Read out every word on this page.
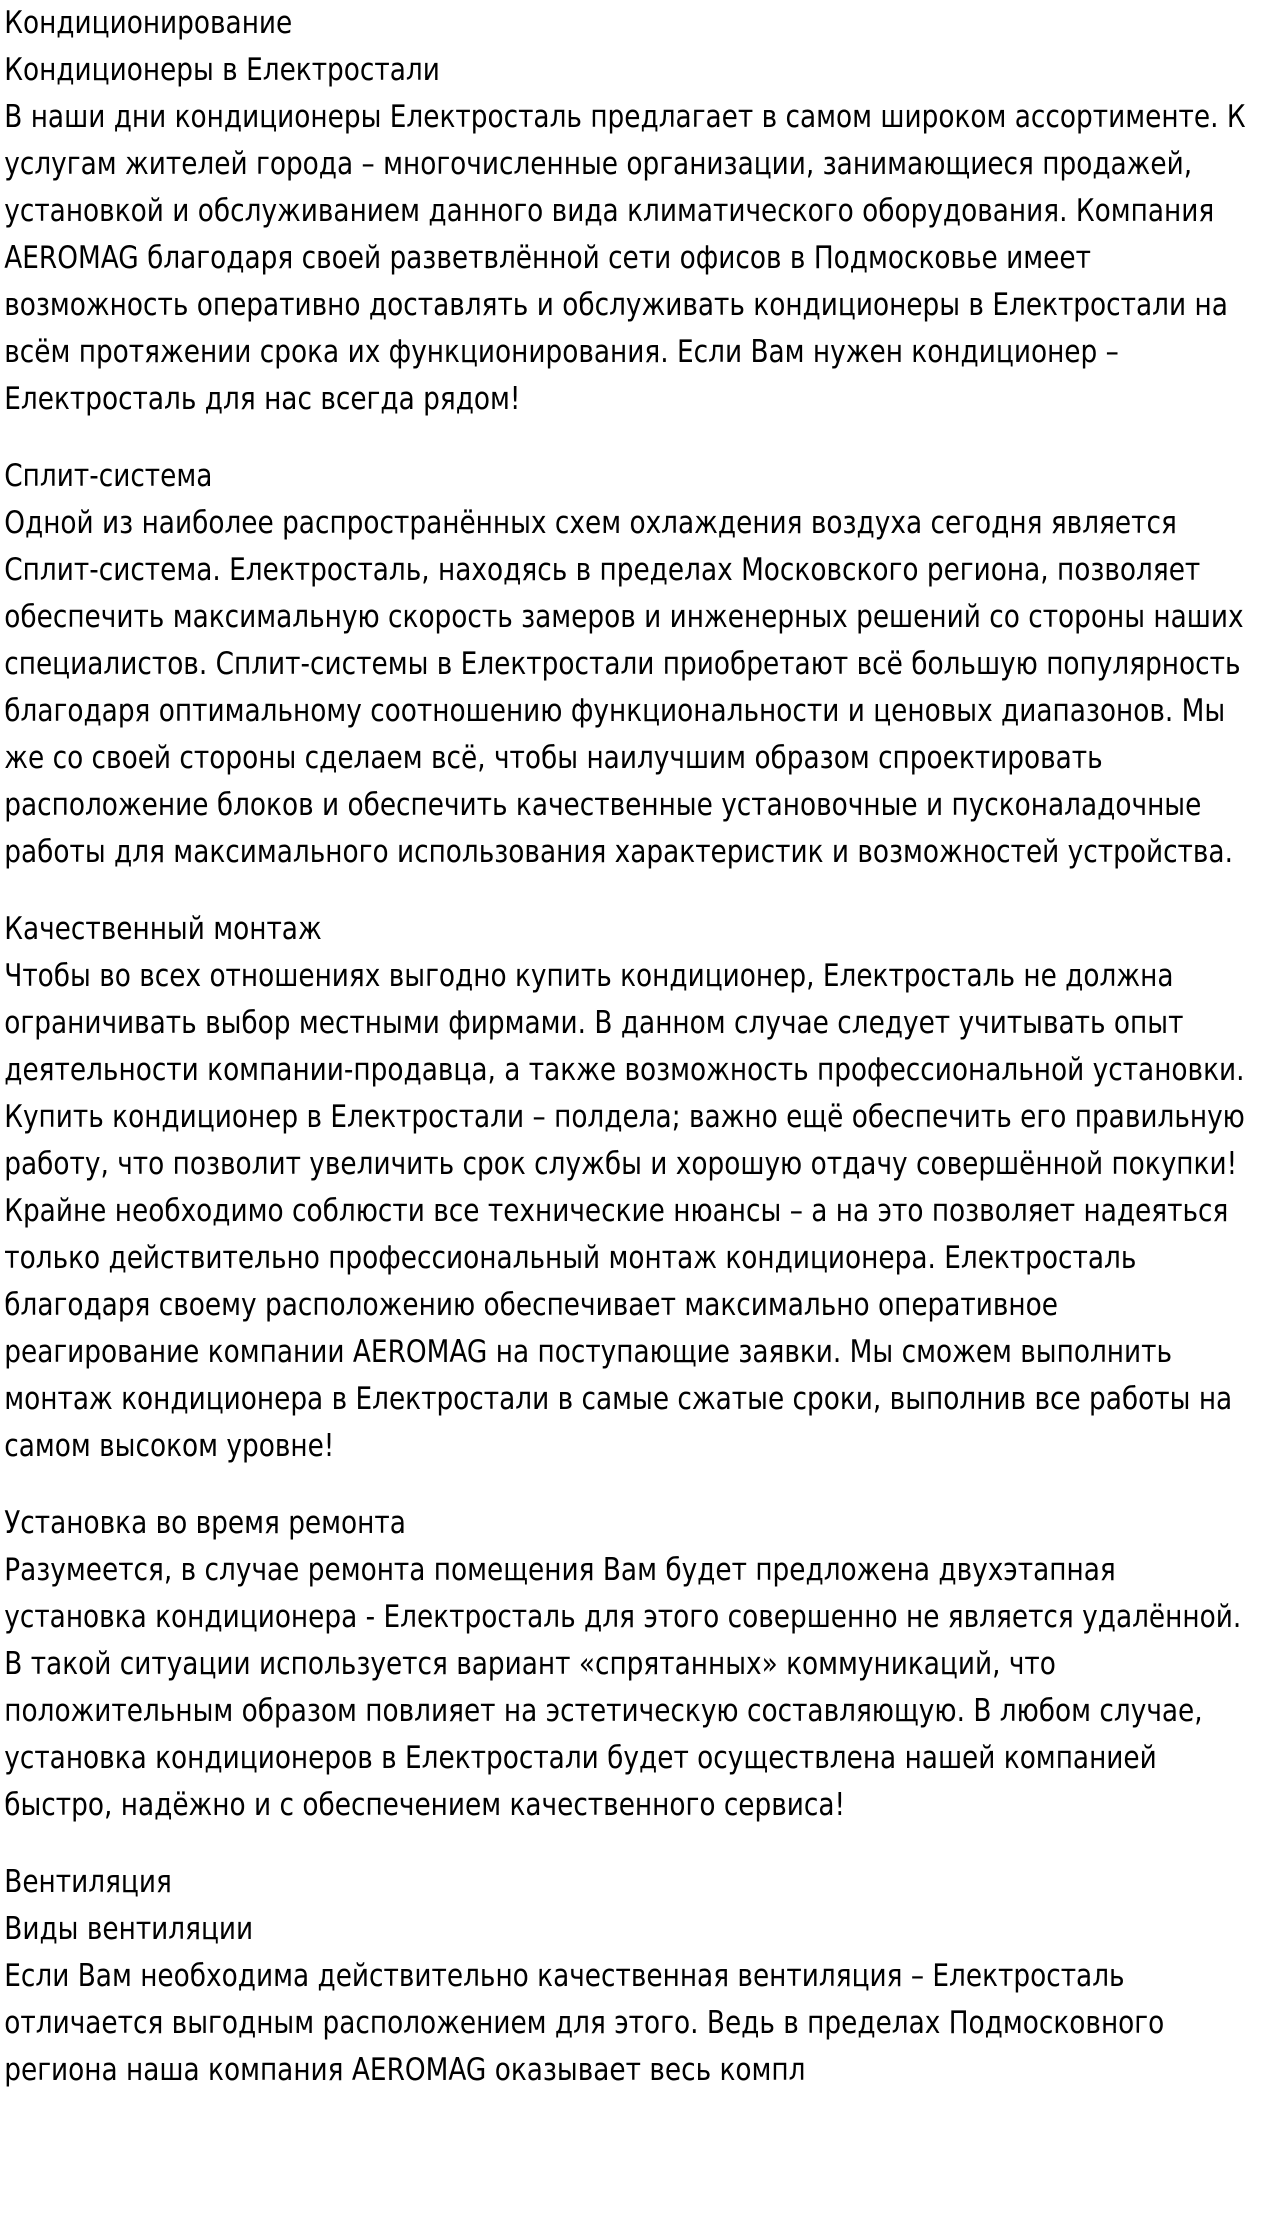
Кондиционирование

Кондиционеры в Електростали

В наши дни кондиционеры Електросталь предлагает в самом широком ассортименте. К услугам жителей города – многочисленные организации, занимающиеся продажей, установкой и обслуживанием данного вида климатического оборудования. Компания AEROMAG благодаря своей разветвлённой сети офисов в Подмосковье имеет возможность оперативно доставлять и обслуживать кондиционеры в Електростали на всём протяжении срока их функционирования. Если Вам нужен кондиционер – Електросталь для нас всегда рядом!

Сплит-система

Одной из наиболее распространённых схем охлаждения воздуха сегодня является Сплит-система. Електросталь, находясь в пределах Московского региона, позволяет обеспечить максимальную скорость замеров и инженерных решений со стороны наших специалистов. Сплит-системы в Електростали приобретают всё большую популярность благодаря оптимальному соотношению функциональности и ценовых диапазонов. Мы же со своей стороны сделаем всё, чтобы наилучшим образом спроектировать расположение блоков и обеспечить качественные установочные и пусконаладочные работы для максимального использования характеристик и возможностей устройства.

Качественный монтаж

Чтобы во всех отношениях выгодно купить кондиционер, Електросталь не должна ограничивать выбор местными фирмами. В данном случае следует учитывать опыт деятельности компании-продавца, а также возможность профессиональной установки. Купить кондиционер в Електростали – полдела; важно ещё обеспечить его правильную работу, что позволит увеличить срок службы и хорошую отдачу совершённой покупки! Крайне необходимо соблюсти все технические нюансы – а на это позволяет надеяться только действительно профессиональный монтаж кондиционера. Електросталь благодаря своему расположению обеспечивает максимально оперативное реагирование компании AEROMAG на поступающие заявки. Мы сможем выполнить монтаж кондиционера в Електростали в самые сжатые сроки, выполнив все работы на самом высоком уровне!

Установка во время ремонта

Разумеется, в случае ремонта помещения Вам будет предложена двухэтапная установка кондиционера - Електросталь для этого совершенно не является удалённой. В такой ситуации используется вариант «спрятанных» коммуникаций, что положительным образом повлияет на эстетическую составляющую. В любом случае, установка кондиционеров в Електростали будет осуществлена нашей компанией быстро, надёжно и с обеспечением качественного сервиса!

Вентиляция

Виды вентиляции

Если Вам необходима действительно качественная вентиляция – Електросталь отличается выгодным расположением для этого. Ведь в пределах Подмосковного региона наша компания AEROMAG оказывает весь компл
